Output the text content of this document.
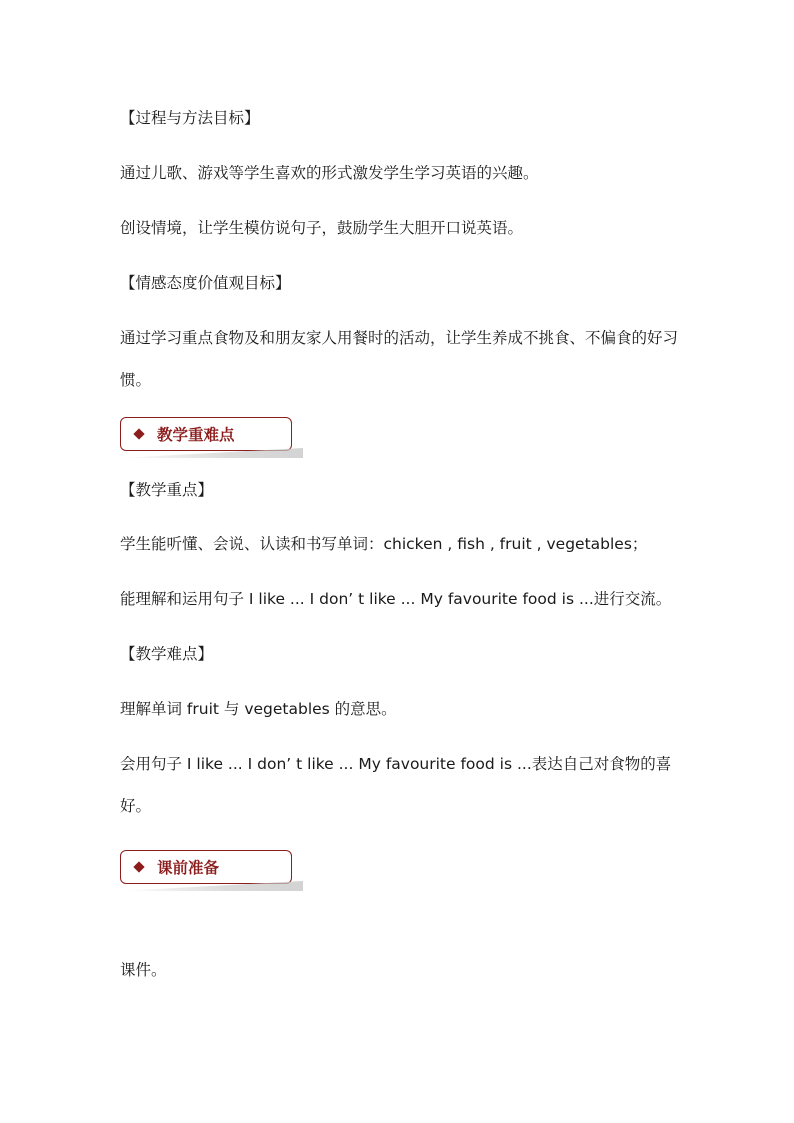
【过程与方法目标】

通过儿歌、游戏等学生喜欢的形式激发学生学习英语的兴趣。

创设情境，让学生模仿说句子，鼓励学生大胆开口说英语。

【情感态度价值观目标】

通过学习重点食物及和朋友家人用餐时的活动，让学生养成不挑食、不偏食的好习惯。

教学重难点

【教学重点】

学生能听懂、会说、认读和书写单词：chicken , fish , fruit , vegetables；

能理解和运用句子 I like ... I don’ t like ... My favourite food is ...进行交流。

【教学难点】

理解单词 fruit 与 vegetables 的意思。

会用句子 I like ... I don’ t like ... My favourite food is ...表达自己对食物的喜好。

课前准备

课件。
